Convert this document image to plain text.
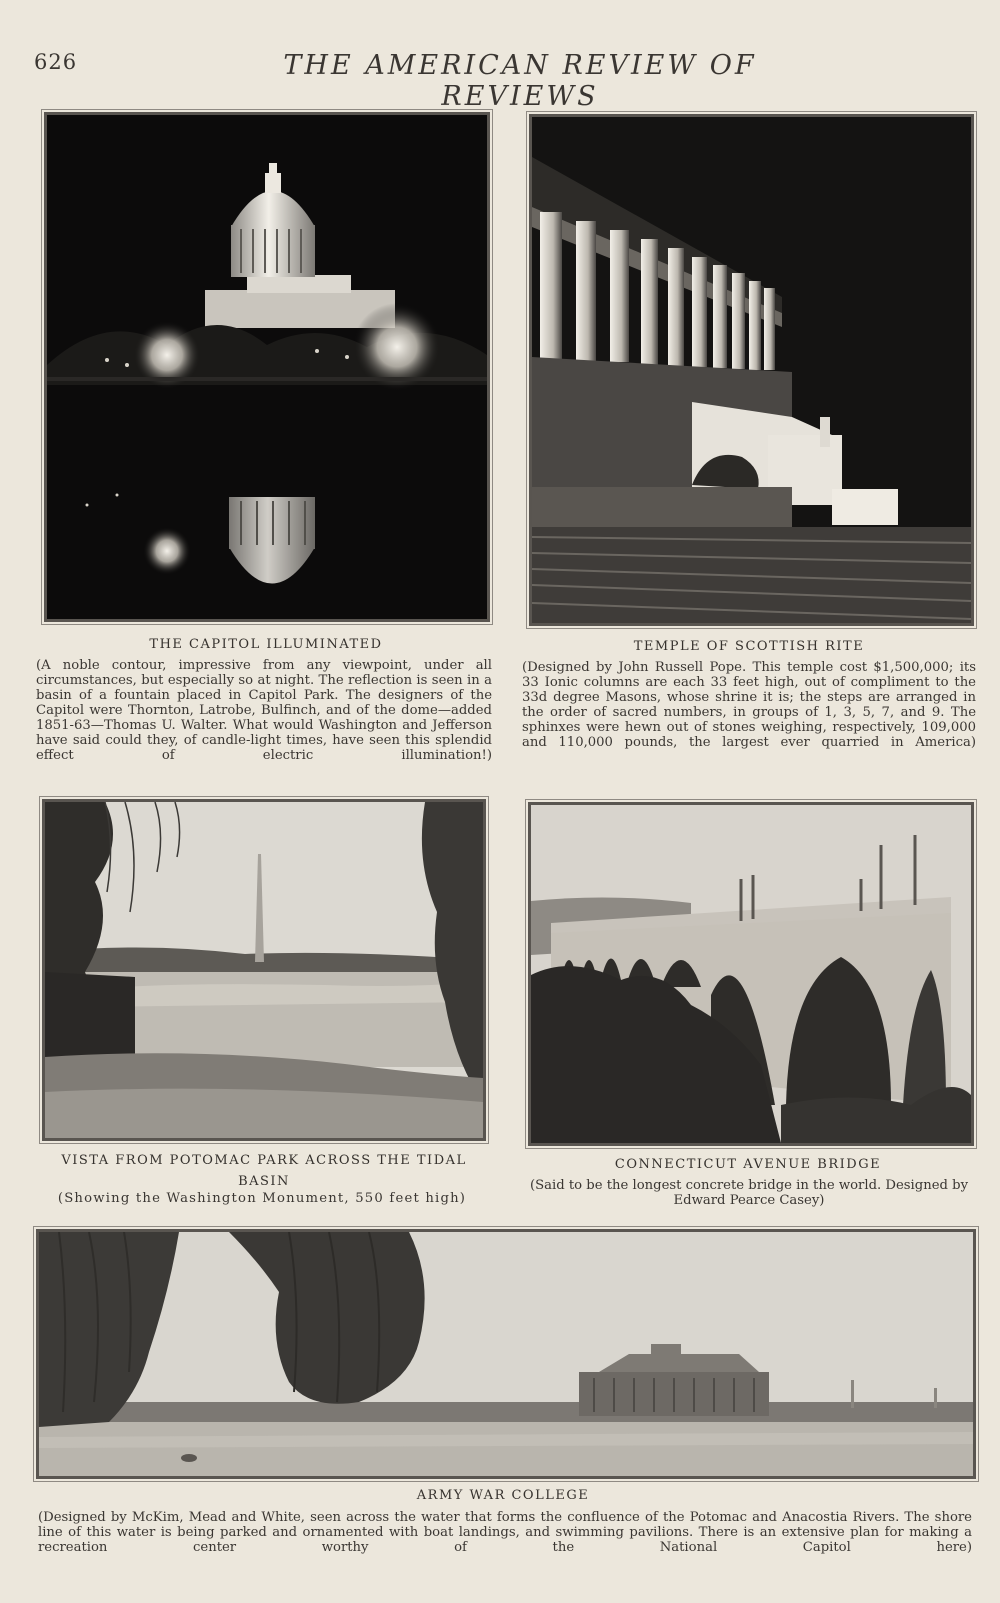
626	THE AMERICAN REVIEW OF REVIEWS
THE CAPITOL ILLUMINATED
(A noble contour, impressive from any viewpoint, under all circumstances, but especially so at night. The reflection is seen in a basin of a fountain placed in Capitol Park. The designers of the Capitol were Thornton, Latrobe, Bulfinch, and of the dome—added 1851-63—Thomas U. Walter. What would Washington and Jefferson have said could they, of candle-light times, have seen this splendid effect of electric illumination!)
TEMPLE OF SCOTTISH RITE
(Designed by John Russell Pope. This temple cost $1,500,000; its 33 Ionic columns are each 33 feet high, out of compliment to the 33d degree Masons, whose shrine it is; the steps are arranged in the order of sacred numbers, in groups of 1, 3, 5, 7, and 9. The sphinxes were hewn out of stones weighing, respectively, 109,000 and 110,000 pounds, the largest ever quarried in America)
VISTA FROM POTOMAC PARK ACROSS THE TIDAL BASIN
(Showing the Washington Monument, 550 feet high)
CONNECTICUT AVENUE BRIDGE
(Said to be the longest concrete bridge in the world. Designed by Edward Pearce Casey)
ARMY WAR COLLEGE
(Designed by McKim, Mead and White, seen across the water that forms the confluence of the Potomac and Anacostia Rivers. The shore line of this water is being parked and ornamented with boat landings, and swimming pavilions. There is an extensive plan for making a recreation center worthy of the National Capitol here)
